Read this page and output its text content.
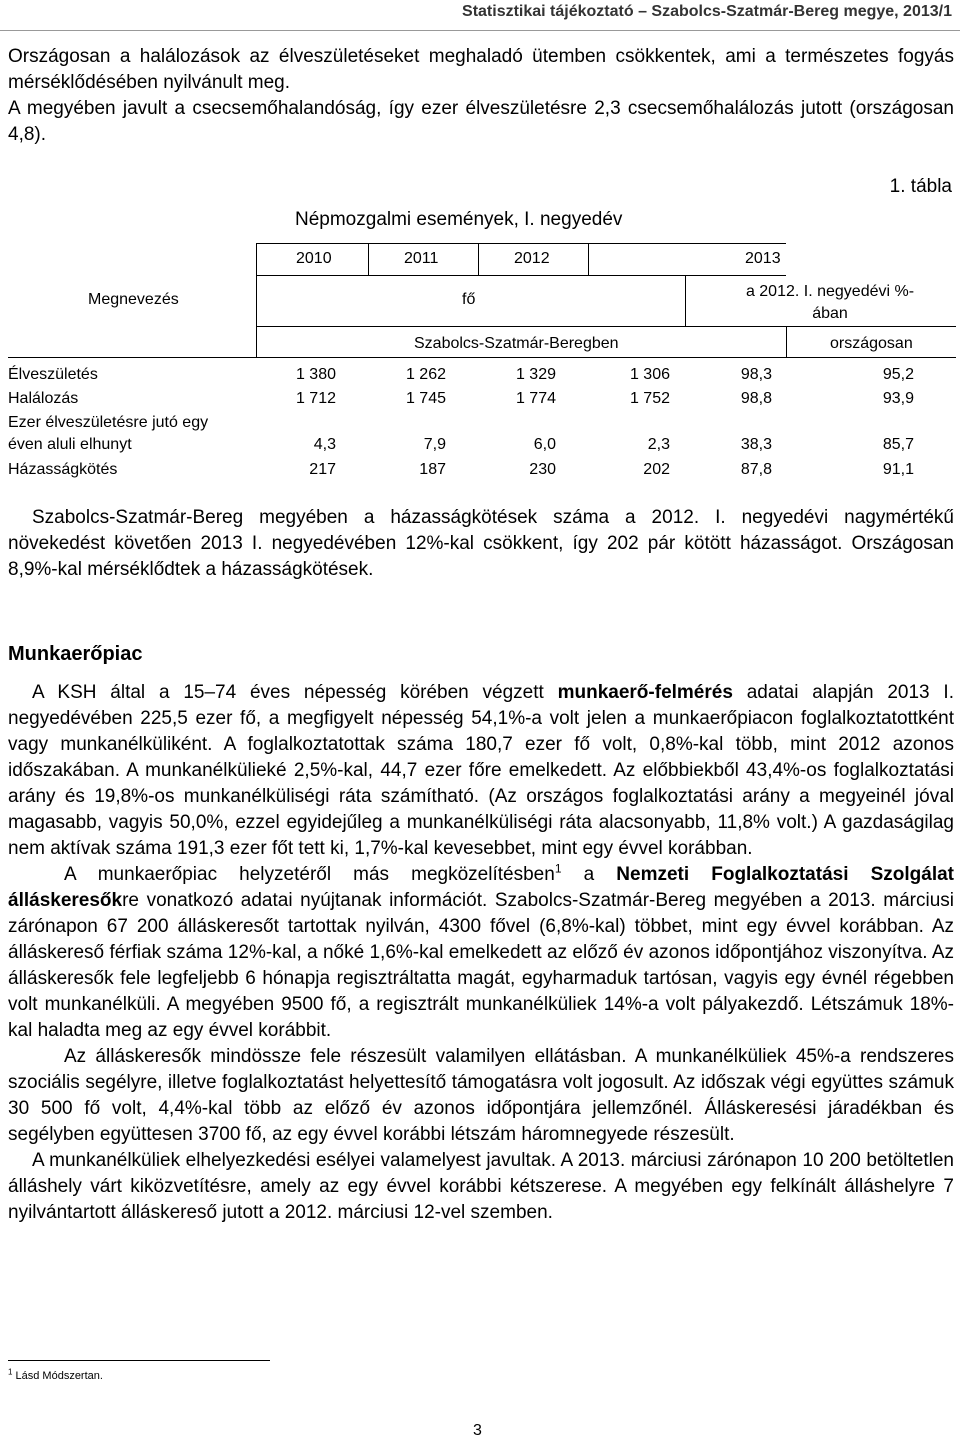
Statisztikai tájékoztató – Szabolcs-Szatmár-Bereg megye, 2013/1

Országosan a halálozások az élveszületéseket meghaladó ütemben csökkentek, ami a természetes fogyás mérséklődésében nyilvánult meg.

A megyében javult a csecsemőhalandóság, így ezer élveszületésre 2,3 csecsemőhalálozás jutott (országosan 4,8).

1. tábla
Népmozgalmi események, I. negyedév
Megnevezés
2010	2011	2012	2013
fő	a 2012. I. negyedévi %-ában
Szabolcs-Szatmár-Beregben	országosan
Élveszületés	1 380	1 262	1 329	1 306	98,3	95,2
Halálozás	1 712	1 745	1 774	1 752	98,8	93,9
Ezer élveszületésre jutó egy
éven aluli elhunyt	4,3	7,9	6,0	2,3	38,3	85,7
Házasságkötés	217	187	230	202	87,8	91,1
Szabolcs-Szatmár-Bereg megyében a házasságkötések száma a 2012. I. negyedévi nagymértékű növekedést követően 2013 I. negyedévében 12%-kal csökkent, így 202 pár kötött házasságot. Országosan 8,9%-kal mérséklődtek a házasságkötések.
Munkaerőpiac

A KSH által a 15–74 éves népesség körében végzett munkaerő-felmérés adatai alapján 2013 I. negyedévében 225,5 ezer fő, a megfigyelt népesség 54,1%-a volt jelen a munkaerőpiacon foglalkoztatottként vagy munkanélküliként. A foglalkoztatottak száma 180,7 ezer fő volt, 0,8%-kal több, mint 2012 azonos időszakában. A munkanélkülieké 2,5%-kal, 44,7 ezer főre emelkedett. Az előbbiekből 43,4%-os foglalkoztatási arány és 19,8%-os munkanélküliségi ráta számítható. (Az országos foglalkoztatási arány a megyeinél jóval magasabb, vagyis 50,0%, ezzel egyidejűleg a munkanélküliségi ráta alacsonyabb, 11,8% volt.) A gazdaságilag nem aktívak száma 191,3 ezer főt tett ki, 1,7%-kal kevesebbet, mint egy évvel korábban.

A munkaerőpiac helyzetéről más megközelítésben$^1$ a Nemzeti Foglalkoztatási Szolgálat álláskeresőkre vonatkozó adatai nyújtanak információt. Szabolcs-Szatmár-Bereg megyében a 2013. márciusi zárónapon 67 200 álláskeresőt tartottak nyilván, 4300 fővel (6,8%-kal) többet, mint egy évvel korábban. Az álláskereső férfiak száma 12%-kal, a nőké 1,6%-kal emelkedett az előző év azonos időpontjához viszonyítva. Az álláskeresők fele legfeljebb 6 hónapja regisztráltatta magát, egyharmaduk tartósan, vagyis egy évnél régebben volt munkanélküli. A megyében 9500 fő, a regisztrált munkanélküliek 14%-a volt pályakezdő. Létszámuk 18%-kal haladta meg az egy évvel korábbit.

Az álláskeresők mindössze fele részesült valamilyen ellátásban. A munkanélküliek 45%-a rendszeres szociális segélyre, illetve foglalkoztatást helyettesítő támogatásra volt jogosult. Az időszak végi együttes számuk 30 500 fő volt, 4,4%-kal több az előző év azonos időpontjára jellemzőnél. Álláskeresési járadékban és segélyben együttesen 3700 fő, az egy évvel korábbi létszám háromnegyede részesült.

A munkanélküliek elhelyezkedési esélyei valamelyest javultak. A 2013. márciusi zárónapon 10 200 betöltetlen álláshely várt kiközvetítésre, amely az egy évvel korábbi kétszerese. A megyében egy felkínált álláshelyre 7 nyilvántartott álláskereső jutott a 2012. márciusi 12-vel szemben.

$^1$ Lásd Módszertan.
3
